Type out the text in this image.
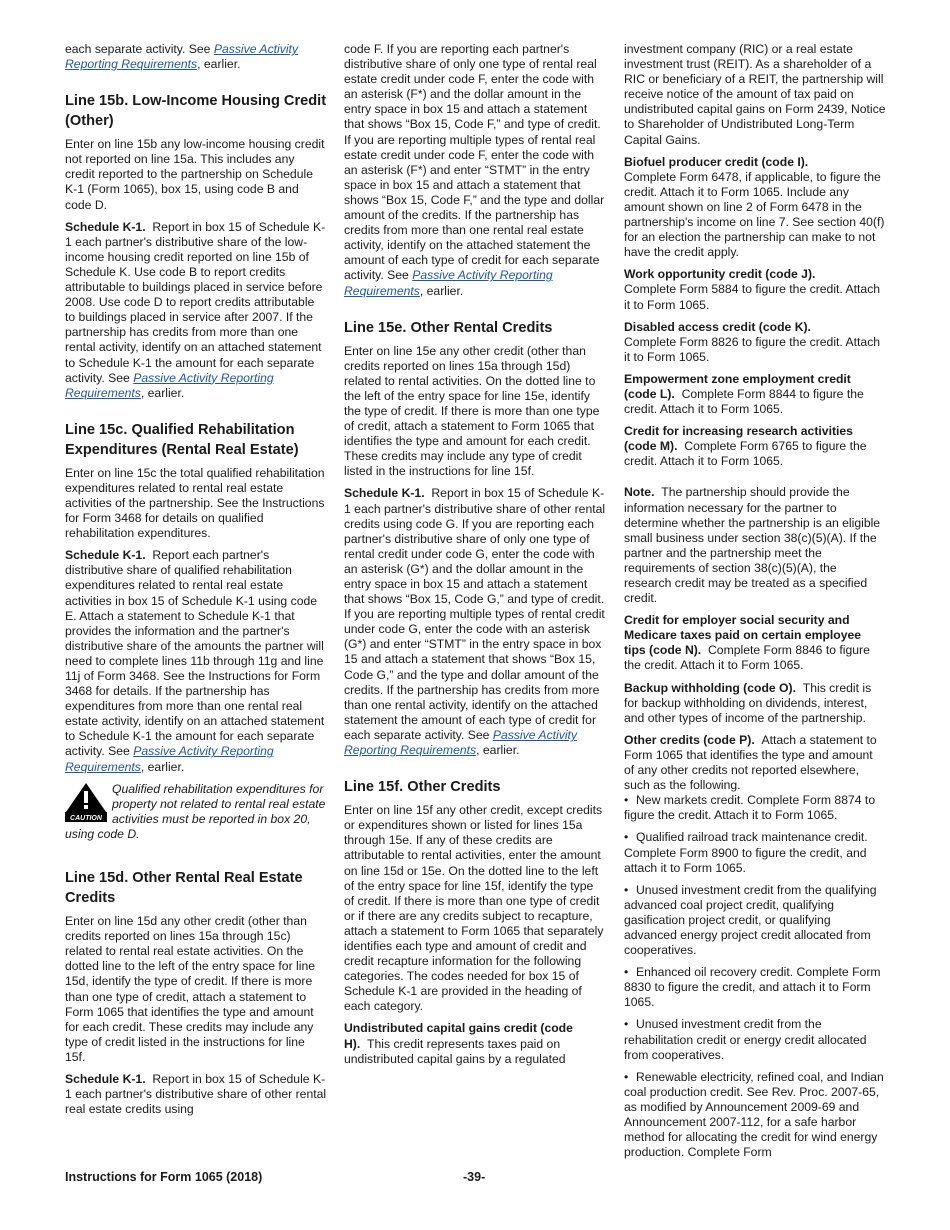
each separate activity. See Passive Activity Reporting Requirements, earlier.

Line 15b. Low-Income Housing Credit (Other)

Enter on line 15b any low-income housing credit not reported on line 15a. This includes any credit reported to the partnership on Schedule K-1 (Form 1065), box 15, using code B and code D.

Schedule K-1. Report in box 15 of Schedule K-1 each partner's distributive share of the low-income housing credit reported on line 15b of Schedule K. Use code B to report credits attributable to buildings placed in service before 2008. Use code D to report credits attributable to buildings placed in service after 2007. If the partnership has credits from more than one rental activity, identify on an attached statement to Schedule K-1 the amount for each separate activity. See Passive Activity Reporting Requirements, earlier.

Line 15c. Qualified Rehabilitation Expenditures (Rental Real Estate)

Enter on line 15c the total qualified rehabilitation expenditures related to rental real estate activities of the partnership. See the Instructions for Form 3468 for details on qualified rehabilitation expenditures.

Schedule K-1. Report each partner's distributive share of qualified rehabilitation expenditures related to rental real estate activities in box 15 of Schedule K-1 using code E. Attach a statement to Schedule K-1 that provides the information and the partner's distributive share of the amounts the partner will need to complete lines 11b through 11g and line 11j of Form 3468. See the Instructions for Form 3468 for details. If the partnership has expenditures from more than one rental real estate activity, identify on an attached statement to Schedule K-1 the amount for each separate activity. See Passive Activity Reporting Requirements, earlier.

CAUTION
Qualified rehabilitation expenditures for property not related to rental real estate activities must be reported in box 20, using code D.
Line 15d. Other Rental Real Estate Credits

Enter on line 15d any other credit (other than credits reported on lines 15a through 15c) related to rental real estate activities. On the dotted line to the left of the entry space for line 15d, identify the type of credit. If there is more than one type of credit, attach a statement to Form 1065 that identifies the type and amount for each credit. These credits may include any type of credit listed in the instructions for line 15f.

Schedule K-1. Report in box 15 of Schedule K-1 each partner's distributive share of other rental real estate credits using

code F. If you are reporting each partner's distributive share of only one type of rental real estate credit under code F, enter the code with an asterisk (F*) and the dollar amount in the entry space in box 15 and attach a statement that shows “Box 15, Code F,” and type of credit. If you are reporting multiple types of rental real estate credit under code F, enter the code with an asterisk (F*) and enter “STMT” in the entry space in box 15 and attach a statement that shows “Box 15, Code F,” and the type and dollar amount of the credits. If the partnership has credits from more than one rental real estate activity, identify on the attached statement the amount of each type of credit for each separate activity. See Passive Activity Reporting Requirements, earlier.

Line 15e. Other Rental Credits

Enter on line 15e any other credit (other than credits reported on lines 15a through 15d) related to rental activities. On the dotted line to the left of the entry space for line 15e, identify the type of credit. If there is more than one type of credit, attach a statement to Form 1065 that identifies the type and amount for each credit. These credits may include any type of credit listed in the instructions for line 15f.

Schedule K-1. Report in box 15 of Schedule K-1 each partner's distributive share of other rental credits using code G. If you are reporting each partner's distributive share of only one type of rental credit under code G, enter the code with an asterisk (G*) and the dollar amount in the entry space in box 15 and attach a statement that shows “Box 15, Code G,” and type of credit. If you are reporting multiple types of rental credit under code G, enter the code with an asterisk (G*) and enter “STMT” in the entry space in box 15 and attach a statement that shows “Box 15, Code G,” and the type and dollar amount of the credits. If the partnership has credits from more than one rental activity, identify on the attached statement the amount of each type of credit for each separate activity. See Passive Activity Reporting Requirements, earlier.

Line 15f. Other Credits

Enter on line 15f any other credit, except credits or expenditures shown or listed for lines 15a through 15e. If any of these credits are attributable to rental activities, enter the amount on line 15d or 15e. On the dotted line to the left of the entry space for line 15f, identify the type of credit. If there is more than one type of credit or if there are any credits subject to recapture, attach a statement to Form 1065 that separately identifies each type and amount of credit and credit recapture information for the following categories. The codes needed for box 15 of Schedule K-1 are provided in the heading of each category.

Undistributed capital gains credit (code H). This credit represents taxes paid on undistributed capital gains by a regulated

investment company (RIC) or a real estate investment trust (REIT). As a shareholder of a RIC or beneficiary of a REIT, the partnership will receive notice of the amount of tax paid on undistributed capital gains on Form 2439, Notice to Shareholder of Undistributed Long-Term Capital Gains.

Biofuel producer credit (code I).
Complete Form 6478, if applicable, to figure the credit. Attach it to Form 1065. Include any amount shown on line 2 of Form 6478 in the partnership's income on line 7. See section 40(f) for an election the partnership can make to not have the credit apply.

Work opportunity credit (code J).
Complete Form 5884 to figure the credit. Attach it to Form 1065.

Disabled access credit (code K).
Complete Form 8826 to figure the credit. Attach it to Form 1065.

Empowerment zone employment credit (code L). Complete Form 8844 to figure the credit. Attach it to Form 1065.

Credit for increasing research activities (code M). Complete Form 6765 to figure the credit. Attach it to Form 1065.

Note. The partnership should provide the information necessary for the partner to determine whether the partnership is an eligible small business under section 38(c)(5)(A). If the partner and the partnership meet the requirements of section 38(c)(5)(A), the research credit may be treated as a specified credit.

Credit for employer social security and Medicare taxes paid on certain employee tips (code N). Complete Form 8846 to figure the credit. Attach it to Form 1065.

Backup withholding (code O). This credit is for backup withholding on dividends, interest, and other types of income of the partnership.

Other credits (code P). Attach a statement to Form 1065 that identifies the type and amount of any other credits not reported elsewhere, such as the following.

• New markets credit. Complete Form 8874 to figure the credit. Attach it to Form 1065.

• Qualified railroad track maintenance credit. Complete Form 8900 to figure the credit, and attach it to Form 1065.

• Unused investment credit from the qualifying advanced coal project credit, qualifying gasification project credit, or qualifying advanced energy project credit allocated from cooperatives.

• Enhanced oil recovery credit. Complete Form 8830 to figure the credit, and attach it to Form 1065.

• Unused investment credit from the rehabilitation credit or energy credit allocated from cooperatives.

• Renewable electricity, refined coal, and Indian coal production credit. See Rev. Proc. 2007-65, as modified by Announcement 2009-69 and Announcement 2007-112, for a safe harbor method for allocating the credit for wind energy production. Complete Form

Instructions for Form 1065 (2018)	-39-
